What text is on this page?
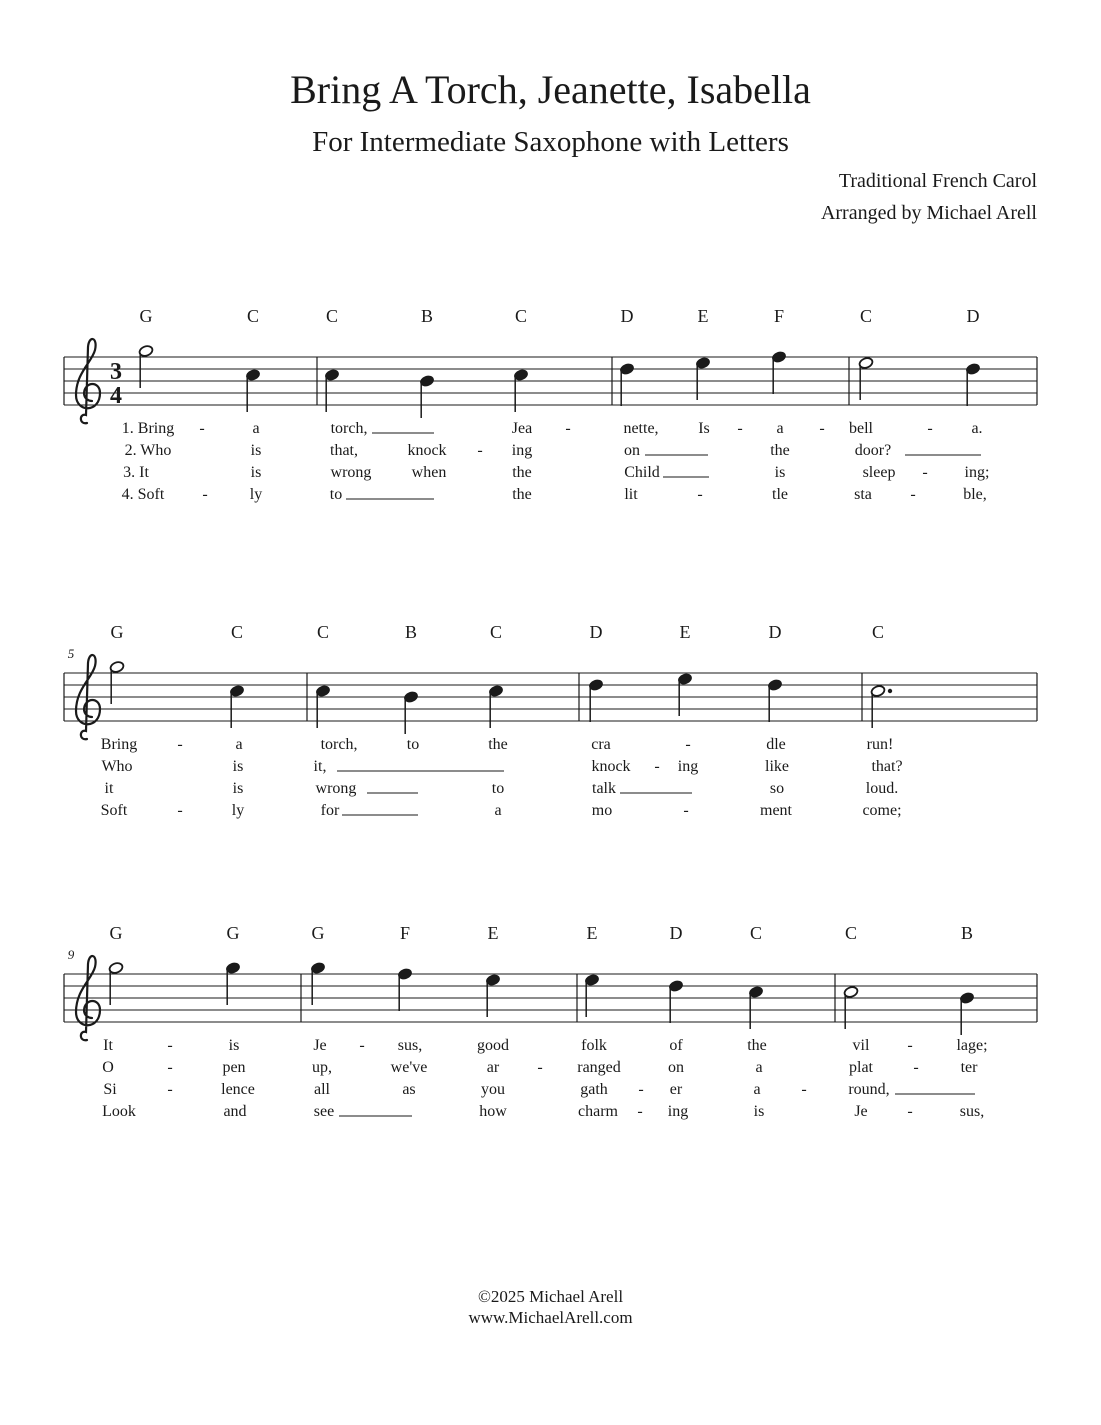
Bring A Torch, Jeanette, Isabella
For Intermediate Saxophone with Letters
Traditional French Carol
Arranged by Michael Arell
G	C	C	B	C	D	E	F	C	D
3
4
1. Bring	a	torch,	Jea	nette, Is	a	bell	a.
-	-	-	-	-
2. Who	is	that,	knock	ing	on	the	door?
-
3. It	is	wrong	when	the	Child	is	sleep	ing;
-
4. Soft	ly	to	the	lit	tle	sta	ble,
-	-	-
G	C	C	B	C	D	E	D	C
5
Bring	a	torch,	to	the	cra	dle	run!
-	-
Who	is	it,	knock	ing	like	that?
-
it	is	wrong	to	talk	so	loud.
Soft	ly	for	a	mo	ment	come;
-	-
G	G	G	F	E	E	D	C	C	B
9
It	is	Je	sus,	good	folk	of	the	vil	lage;
-	-	-
O	pen	up,	we've	ar	ranged	on	a	plat	ter
-	-	-
Si	lence	all	as	you	gath	er	a	round,
-	-	-
Look	and	see	how	charm	ing	is	Je	sus,
-	-
©2025 Michael Arell
www.MichaelArell.com
